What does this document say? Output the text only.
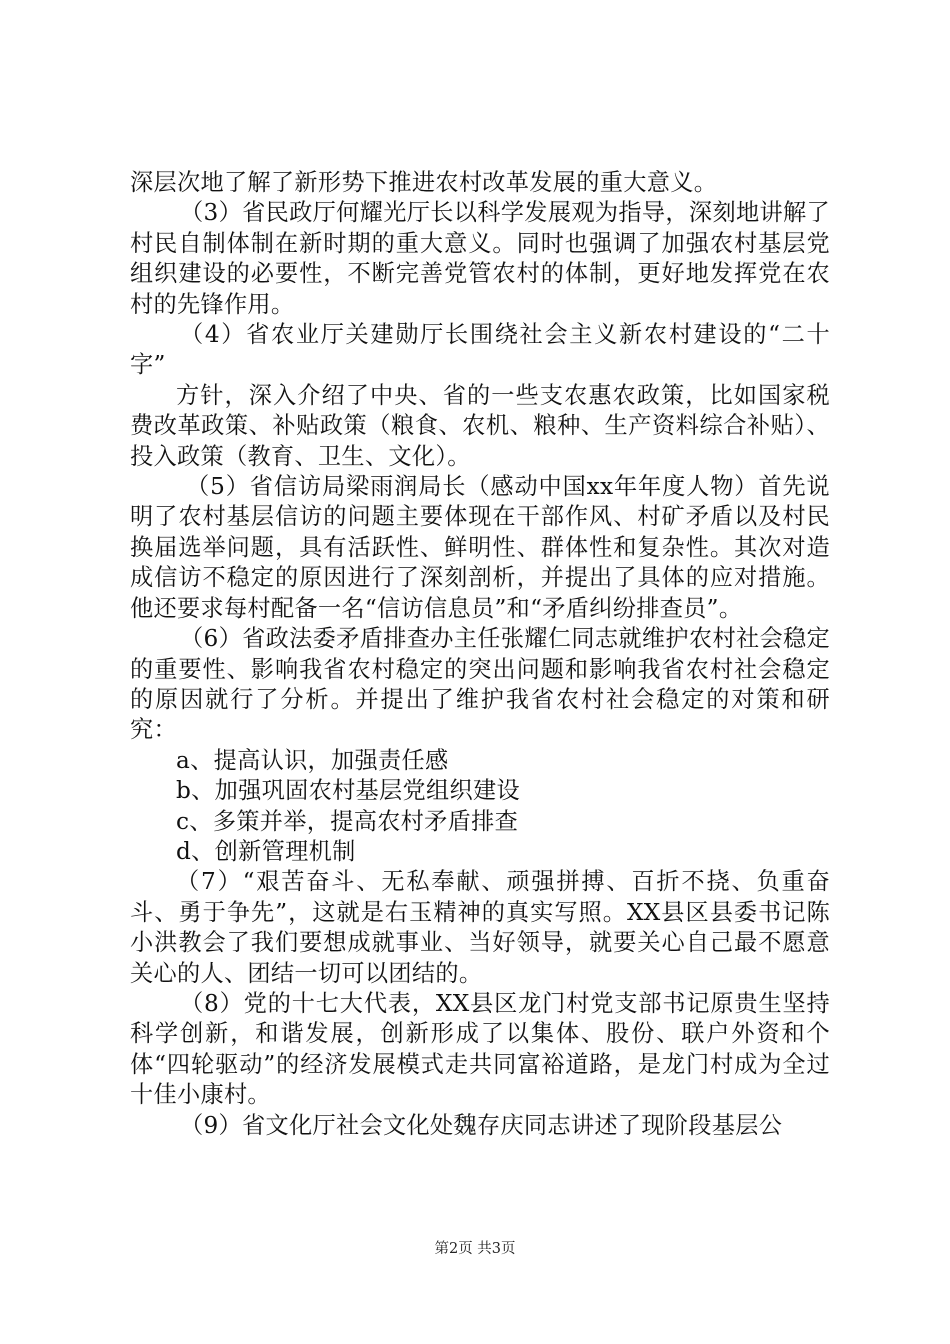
深层次地了解了新形势下推进农村改革发展的重大意义。

（3）省民政厅何耀光厅长以科学发展观为指导，深刻地讲解了村民自制体制在新时期的重大意义。同时也强调了加强农村基层党组织建设的必要性，不断完善党管农村的体制，更好地发挥党在农村的先锋作用。

（4）省农业厅关建勋厅长围绕社会主义新农村建设的“二十字”

方针，深入介绍了中央、省的一些支农惠农政策，比如国家税费改革政策、补贴政策（粮食、农机、粮种、生产资料综合补贴）、投入政策（教育、卫生、文化）。

（5）省信访局梁雨润局长（感动中国xx年年度人物）首先说明了农村基层信访的问题主要体现在干部作风、村矿矛盾以及村民换届选举问题，具有活跃性、鲜明性、群体性和复杂性。其次对造成信访不稳定的原因进行了深刻剖析，并提出了具体的应对措施。他还要求每村配备一名“信访信息员”和“矛盾纠纷排查员”。

（6）省政法委矛盾排查办主任张耀仁同志就维护农村社会稳定的重要性、影响我省农村稳定的突出问题和影响我省农村社会稳定的原因就行了分析。并提出了维护我省农村社会稳定的对策和研究：

a、提高认识，加强责任感

b、加强巩固农村基层党组织建设

c、多策并举，提高农村矛盾排查

d、创新管理机制

（7）“艰苦奋斗、无私奉献、顽强拼搏、百折不挠、负重奋斗、勇于争先”，这就是右玉精神的真实写照。XX县区县委书记陈小洪教会了我们要想成就事业、当好领导，就要关心自己最不愿意关心的人、团结一切可以团结的。

（8）党的十七大代表，XX县区龙门村党支部书记原贵生坚持科学创新，和谐发展，创新形成了以集体、股份、联户外资和个体“四轮驱动”的经济发展模式走共同富裕道路，是龙门村成为全过十佳小康村。

（9）省文化厅社会文化处魏存庆同志讲述了现阶段基层公

第2页 共3页
